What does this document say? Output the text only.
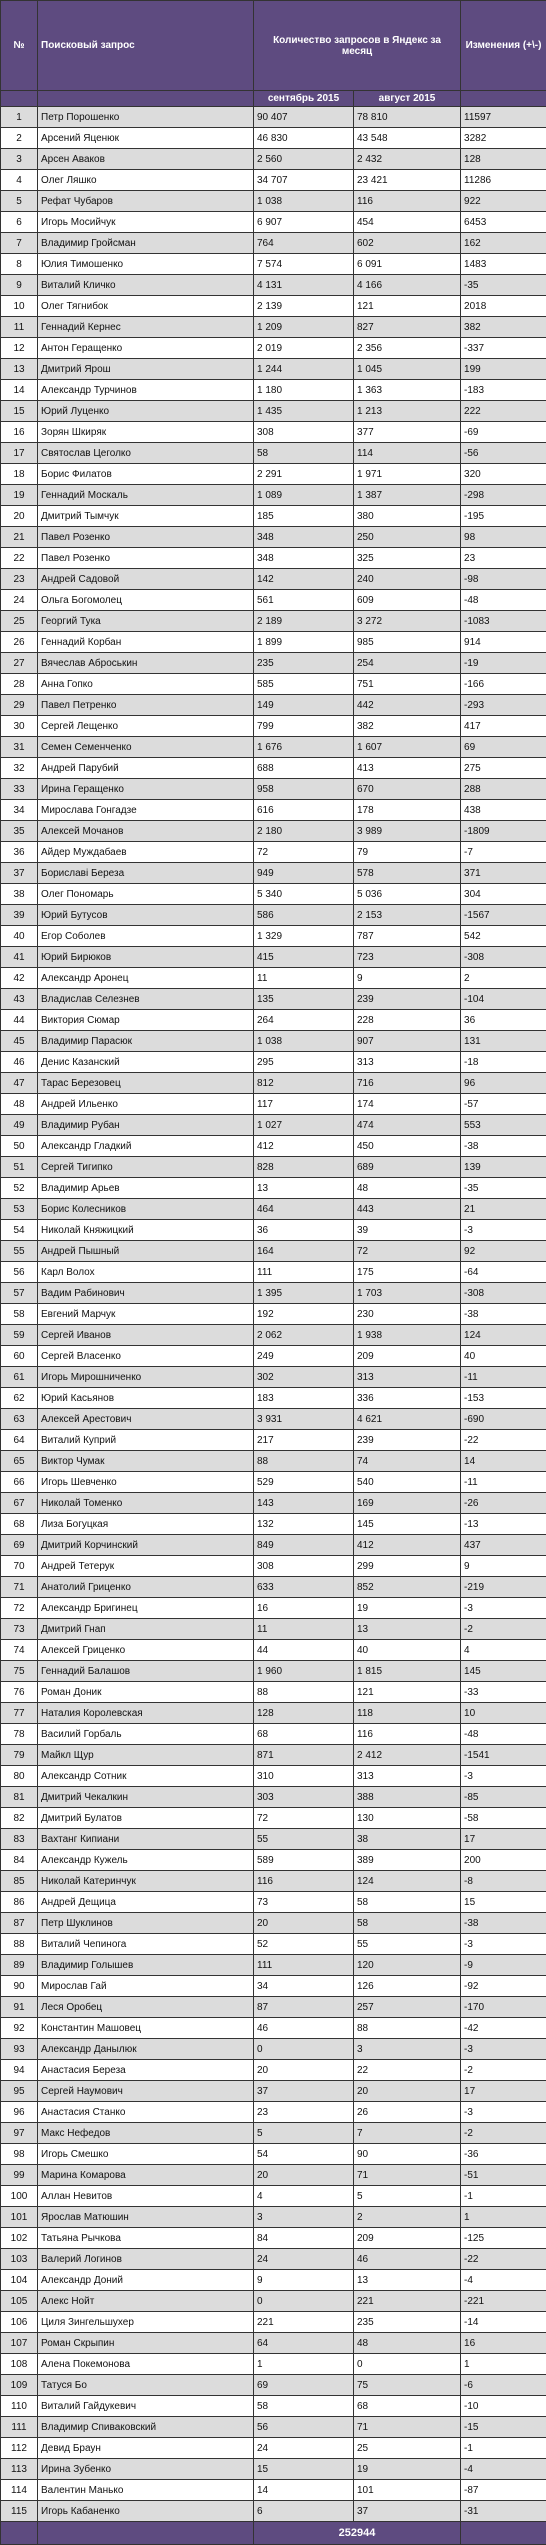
№	Поисковый запрос	Количество запросов в Яндекс за месяц		Изменения (+\-)
		сентябрь 2015	август 2015	
1	Петр Порошенко	90 407	78 810	11597
2	Арсений Яценюк	46 830	43 548	3282
3	Арсен Аваков	2 560	2 432	128
4	Олег Ляшко	34 707	23 421	11286
5	Рефат Чубаров	1 038	116	922
6	Игорь Мосийчук	6 907	454	6453
7	Владимир Гройсман	764	602	162
8	Юлия Тимошенко	7 574	6 091	1483
9	Виталий Кличко	4 131	4 166	-35
10	Олег Тягнибок	2 139	121	2018
11	Геннадий Кернес	1 209	827	382
12	Антон Геращенко	2 019	2 356	-337
13	Дмитрий Ярош	1 244	1 045	199
14	Александр Турчинов	1 180	1 363	-183
15	Юрий Луценко	1 435	1 213	222
16	Зорян Шкиряк	308	377	-69
17	Святослав Цеголко	58	114	-56
18	Борис Филатов	2 291	1 971	320
19	Геннадий Москаль	1 089	1 387	-298
20	Дмитрий Тымчук	185	380	-195
21	Павел Розенко	348	250	98
22	Павел Розенко	348	325	23
23	Андрей Садовой	142	240	-98
24	Ольга Богомолец	561	609	-48
25	Георгий Тука	2 189	3 272	-1083
26	Геннадий Корбан	1 899	985	914
27	Вячеслав Аброськин	235	254	-19
28	Анна Гопко	585	751	-166
29	Павел Петренко	149	442	-293
30	Сергей Лещенко	799	382	417
31	Семен Семенченко	1 676	1 607	69
32	Андрей Парубий	688	413	275
33	Ирина Геращенко	958	670	288
34	Мирослава Гонгадзе	616	178	438
35	Алексей Мочанов	2 180	3 989	-1809
36	Айдер Муждабаев	72	79	-7
37	Бориславі Береза	949	578	371
38	Олег Пономарь	5 340	5 036	304
39	Юрий Бутусов	586	2 153	-1567
40	Егор Соболев	1 329	787	542
41	Юрий Бирюков	415	723	-308
42	Александр Аронец	11	9	2
43	Владислав Селезнев	135	239	-104
44	Виктория Сюмар	264	228	36
45	Владимир Парасюк	1 038	907	131
46	Денис Казанский	295	313	-18
47	Тарас Березовец	812	716	96
48	Андрей Ильенко	117	174	-57
49	Владимир Рубан	1 027	474	553
50	Александр Гладкий	412	450	-38
51	Сергей Тигипко	828	689	139
52	Владимир Арьев	13	48	-35
53	Борис Колесников	464	443	21
54	Николай Княжицкий	36	39	-3
55	Андрей Пышный	164	72	92
56	Карл Волох	111	175	-64
57	Вадим Рабинович	1 395	1 703	-308
58	Евгений Марчук	192	230	-38
59	Сергей Иванов	2 062	1 938	124
60	Сергей Власенко	249	209	40
61	Игорь Мирошниченко	302	313	-11
62	Юрий Касьянов	183	336	-153
63	Алексей Арестович	3 931	4 621	-690
64	Виталий Куприй	217	239	-22
65	Виктор Чумак	88	74	14
66	Игорь Шевченко	529	540	-11
67	Николай Томенко	143	169	-26
68	Лиза Богуцкая	132	145	-13
69	Дмитрий Корчинский	849	412	437
70	Андрей Тетерук	308	299	9
71	Анатолий Гриценко	633	852	-219
72	Александр Бригинец	16	19	-3
73	Дмитрий Гнап	11	13	-2
74	Алексей Гриценко	44	40	4
75	Геннадий Балашов	1 960	1 815	145
76	Роман Доник	88	121	-33
77	Наталия Королевская	128	118	10
78	Василий Горбаль	68	116	-48
79	Майкл Щур	871	2 412	-1541
80	Александр Сотник	310	313	-3
81	Дмитрий Чекалкин	303	388	-85
82	Дмитрий Булатов	72	130	-58
83	Вахтанг Кипиани	55	38	17
84	Александр Кужель	589	389	200
85	Николай Катеринчук	116	124	-8
86	Андрей Дещица	73	58	15
87	Петр Шуклинов	20	58	-38
88	Виталий Чепинога	52	55	-3
89	Владимир Голышев	111	120	-9
90	Мирослав Гай	34	126	-92
91	Леся Оробец	87	257	-170
92	Константин Машовец	46	88	-42
93	Александр Данылюк	0	3	-3
94	Анастасия Береза	20	22	-2
95	Сергей Наумович	37	20	17
96	Анастасия Станко	23	26	-3
97	Макс Нефедов	5	7	-2
98	Игорь Смешко	54	90	-36
99	Марина Комарова	20	71	-51
100	Аллан Невитов	4	5	-1
101	Ярослав Матюшин	3	2	1
102	Татьяна Рычкова	84	209	-125
103	Валерий Логинов	24	46	-22
104	Александр Доний	9	13	-4
105	Алекс Нойт	0	221	-221
106	Циля Зингельшухер	221	235	-14
107	Роман Скрыпин	64	48	16
108	Алена Покемонова	1	0	1
109	Татуся Бо	69	75	-6
110	Виталий Гайдукевич	58	68	-10
111	Владимир Спиваковский	56	71	-15
112	Девид Браун	24	25	-1
113	Ирина Зубенко	15	19	-4
114	Валентин Манько	14	101	-87
115	Игорь Кабаненко	6	37	-31
		252944		
